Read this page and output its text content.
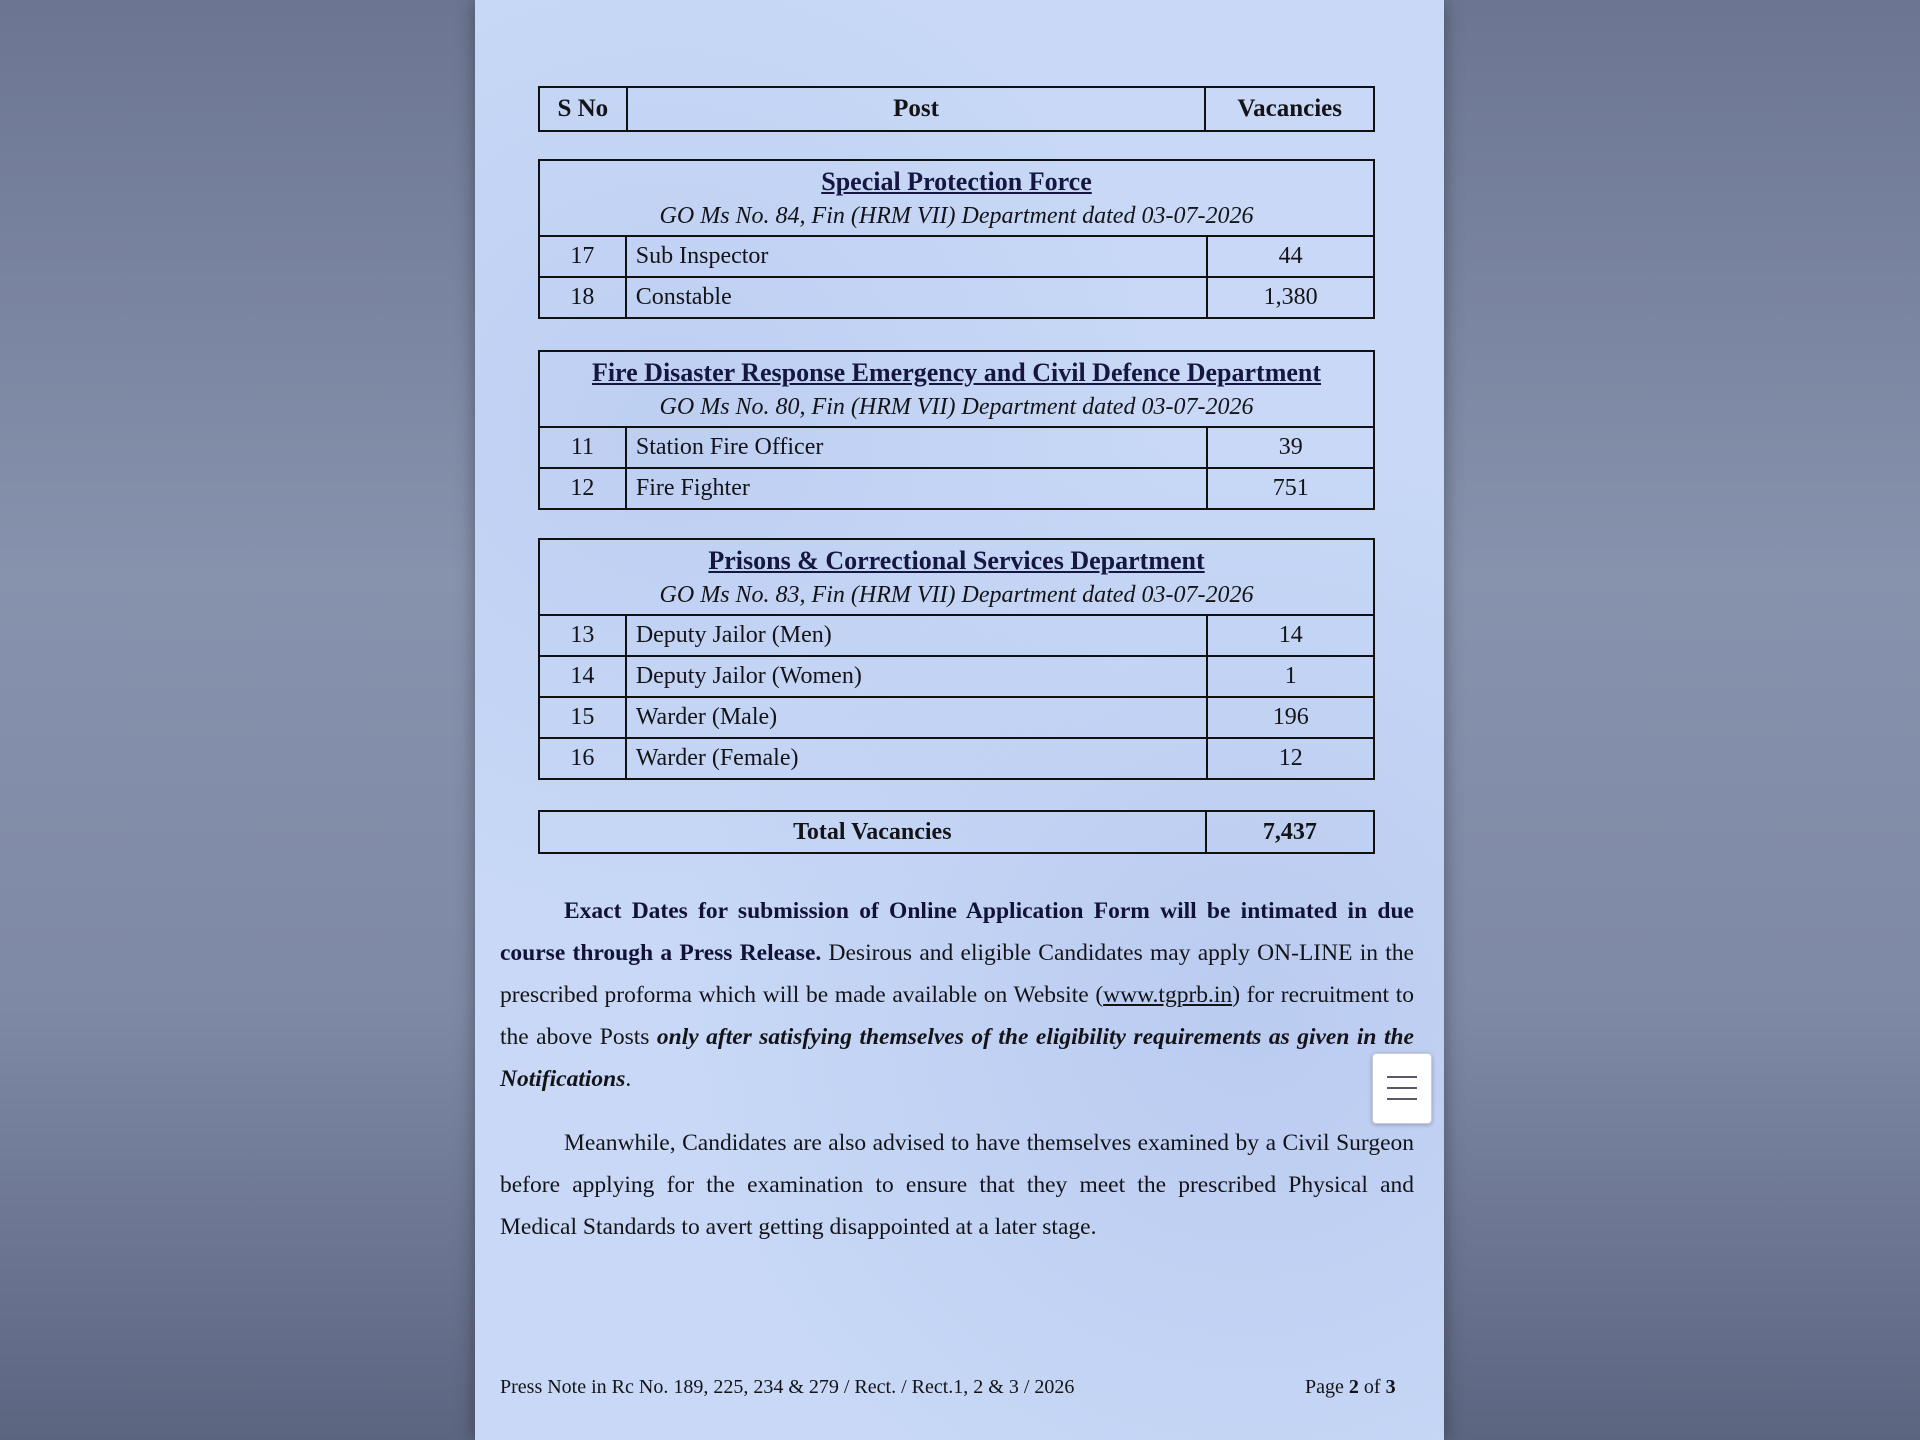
S No	Post	Vacancies
Special Protection Force
GO Ms No. 84, Fin (HRM VII) Department dated 03-07-2026		

17	Sub Inspector	44
18	Constable	1,380
Fire Disaster Response Emergency and Civil Defence Department
GO Ms No. 80, Fin (HRM VII) Department dated 03-07-2026		

11	Station Fire Officer	39
12	Fire Fighter	751
Prisons & Correctional Services Department
GO Ms No. 83, Fin (HRM VII) Department dated 03-07-2026		

13	Deputy Jailor (Men)	14
14	Deputy Jailor (Women)	1
15	Warder (Male)	196
16	Warder (Female)	12
Total Vacancies	7,437

Exact Dates for submission of Online Application Form will be intimated in due course through a Press Release. Desirous and eligible Candidates may apply ON-LINE in the prescribed proforma which will be made available on Website (www.tgprb.in) for recruitment to the above Posts only after satisfying themselves of the eligibility requirements as given in the Notifications.

Meanwhile, Candidates are also advised to have themselves examined by a Civil Surgeon before applying for the examination to ensure that they meet the prescribed Physical and Medical Standards to avert getting disappointed at a later stage.

Press Note in Rc No. 189, 225, 234 & 279 / Rect. / Rect.1, 2 & 3 / 2026	Page 2 of 3
